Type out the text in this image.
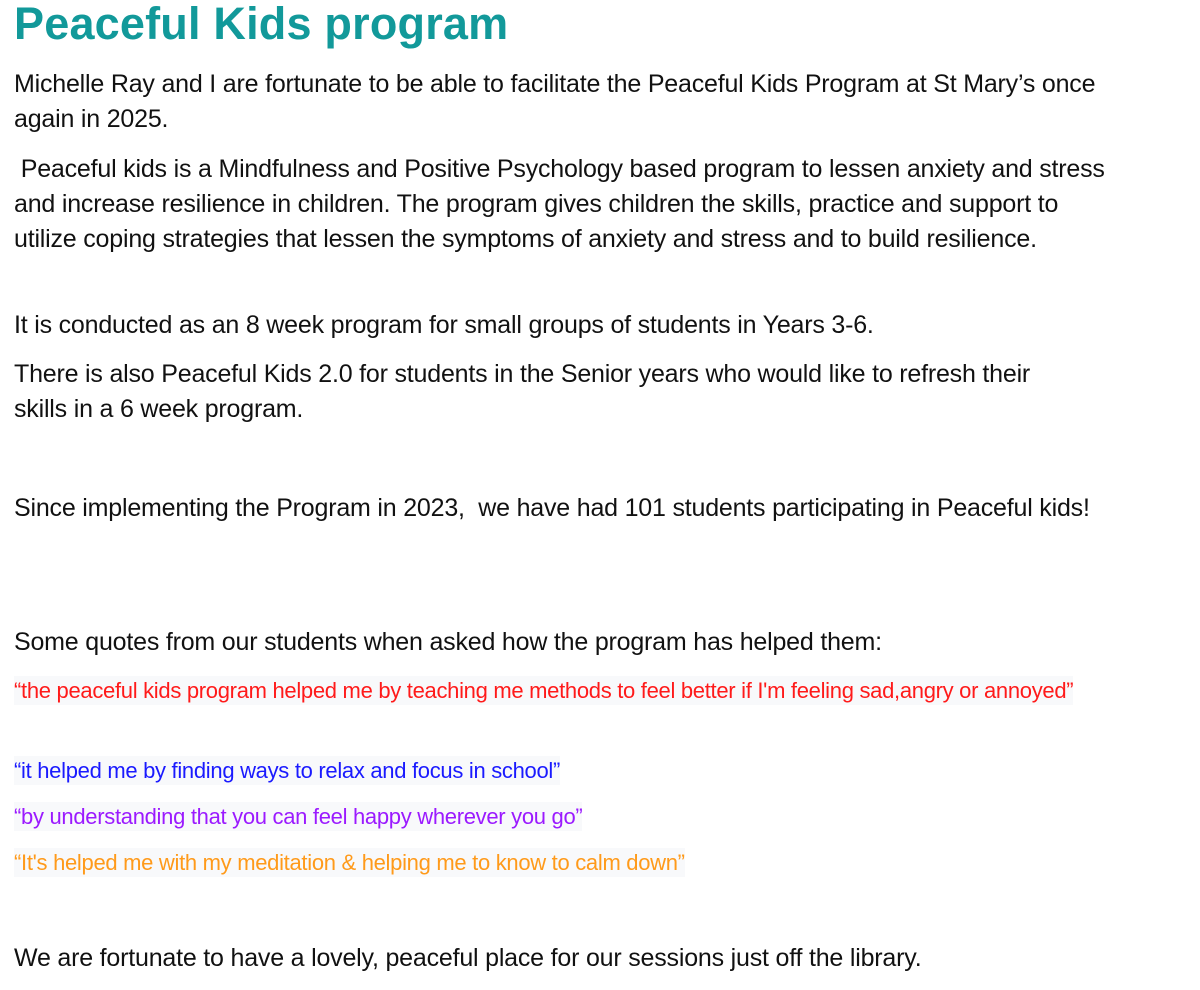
Peaceful Kids program

Michelle Ray and I are fortunate to be able to facilitate the Peaceful Kids Program at St Mary’s once again in 2025.

Peaceful kids is a Mindfulness and Positive Psychology based program to lessen anxiety and stress and increase resilience in children. The program gives children the skills, practice and support to utilize coping strategies that lessen the symptoms of anxiety and stress and to build resilience.

It is conducted as an 8 week program for small groups of students in Years 3-6.

There is also Peaceful Kids 2.0 for students in the Senior years who would like to refresh their skills in a 6 week program.

Since implementing the Program in 2023,  we have had 101 students participating in Peaceful kids!

Some quotes from our students when asked how the program has helped them:

“the peaceful kids program helped me by teaching me methods to feel better if I'm feeling sad,angry or annoyed”

“it helped me by finding ways to relax and focus in school”

“by understanding that you can feel happy wherever you go”

“It's helped me with my meditation & helping me to know to calm down”

We are fortunate to have a lovely, peaceful place for our sessions just off the library.
